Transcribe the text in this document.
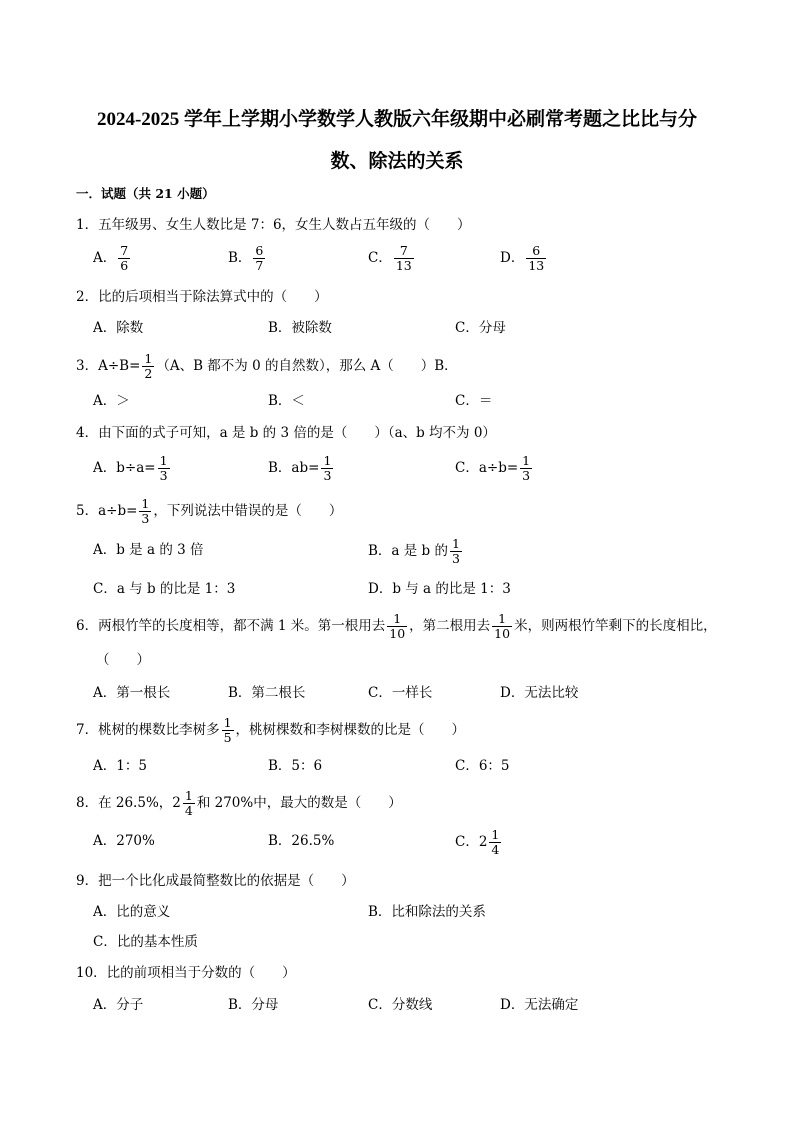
2024-2025 学年上学期小学数学人教版六年级期中必刷常考题之比比与分
数、除法的关系
一．试题（共 21 小题）
1．五年级男、女生人数比是 7：6，女生人数占五年级的（　　）
A． $\frac{7}{6}$	B． $\frac{6}{7}$	C． $\frac{7}{13}$	D． $\frac{6}{13}$
2．比的后项相当于除法算式中的（　　）
A．除数	B．被除数	C．分母
3．$A\div B= \frac{1}{2} (A$、B 都不为 0 的自然数），那么 A（　　）B．
A．＞	B．＜	C．＝
4．由下面的式子可知，a 是 b 的 3 倍的是（　　）（a、b 均不为 0）
A．$b\div a= \frac{1}{3}$	B．$ab= \frac{1}{3}$	C．$a\div b= \frac{1}{3}$
5．$a\div b= \frac{1}{3}$ ，下列说法中错误的是（　　）
A．b 是 a 的 3 倍	B．a 是 b 的 $\frac{1}{3}$
C．a 与 b 的比是 1：3	D．b 与 a 的比是 1：3
6．两根竹竿的长度相等，都不满 1 米。第一根用去 $\frac{1}{10}$ ，第二根用去 $\frac{1}{10}$ 米，则两根竹竿剩下的长度相比，
（　　）
A．第一根长	B．第二根长	C．一样长	D．无法比较
7．桃树的棵数比李树多 $\frac{1}{5}$ ，桃树棵数和李树棵数的比是（　　）
A．1：5	B．5：6	C．6：5
8．在 26.5%，$2 \frac{1}{4}$ 和 270%中，最大的数是（　　）
A．270%	B．26.5%	C．$2 \frac{1}{4}$
9．把一个比化成最简整数比的依据是（　　）
A．比的意义	B．比和除法的关系
C．比的基本性质
10．比的前项相当于分数的（　　）
A．分子	B．分母	C．分数线	D．无法确定
